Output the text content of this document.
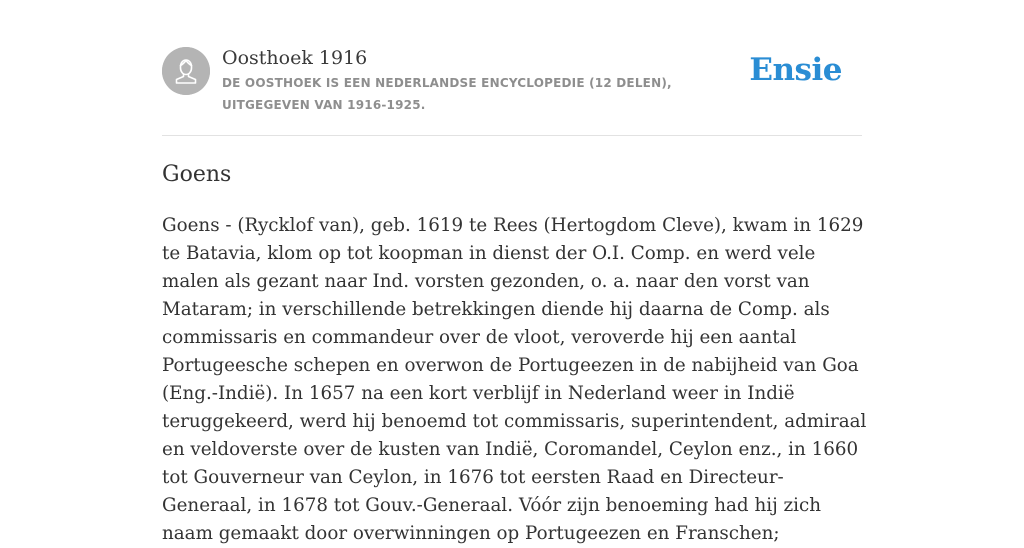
Oosthoek 1916
DE OOSTHOEK IS EEN NEDERLANDSE ENCYCLOPEDIE (12 DELEN), UITGEGEVEN VAN 1916-1925.
Ensie
Goens

Goens - (Rycklof van), geb. 1619 te Rees (Hertogdom Cleve), kwam in 1629 te Batavia, klom op tot koopman in dienst der O.I. Comp. en werd vele malen als gezant naar Ind. vorsten gezonden, o. a. naar den vorst van Mataram; in verschillende betrekkingen diende hij daarna de Comp. als commissaris en commandeur over de vloot, veroverde hij een aantal Portugeesche schepen en overwon de Portugeezen in de nabijheid van Goa (Eng.-Indië). In 1657 na een kort verblijf in Nederland weer in Indië teruggekeerd, werd hij benoemd tot commissaris, superintendent, admiraal en veldoverste over de kusten van Indië, Coromandel, Ceylon enz., in 1660 tot Gouverneur van Ceylon, in 1676 tot eersten Raad en Directeur-Generaal, in 1678 tot Gouv.-Generaal. Vóór zijn benoeming had hij zich naam gemaakt door overwinningen op Portugeezen en Franschen;
